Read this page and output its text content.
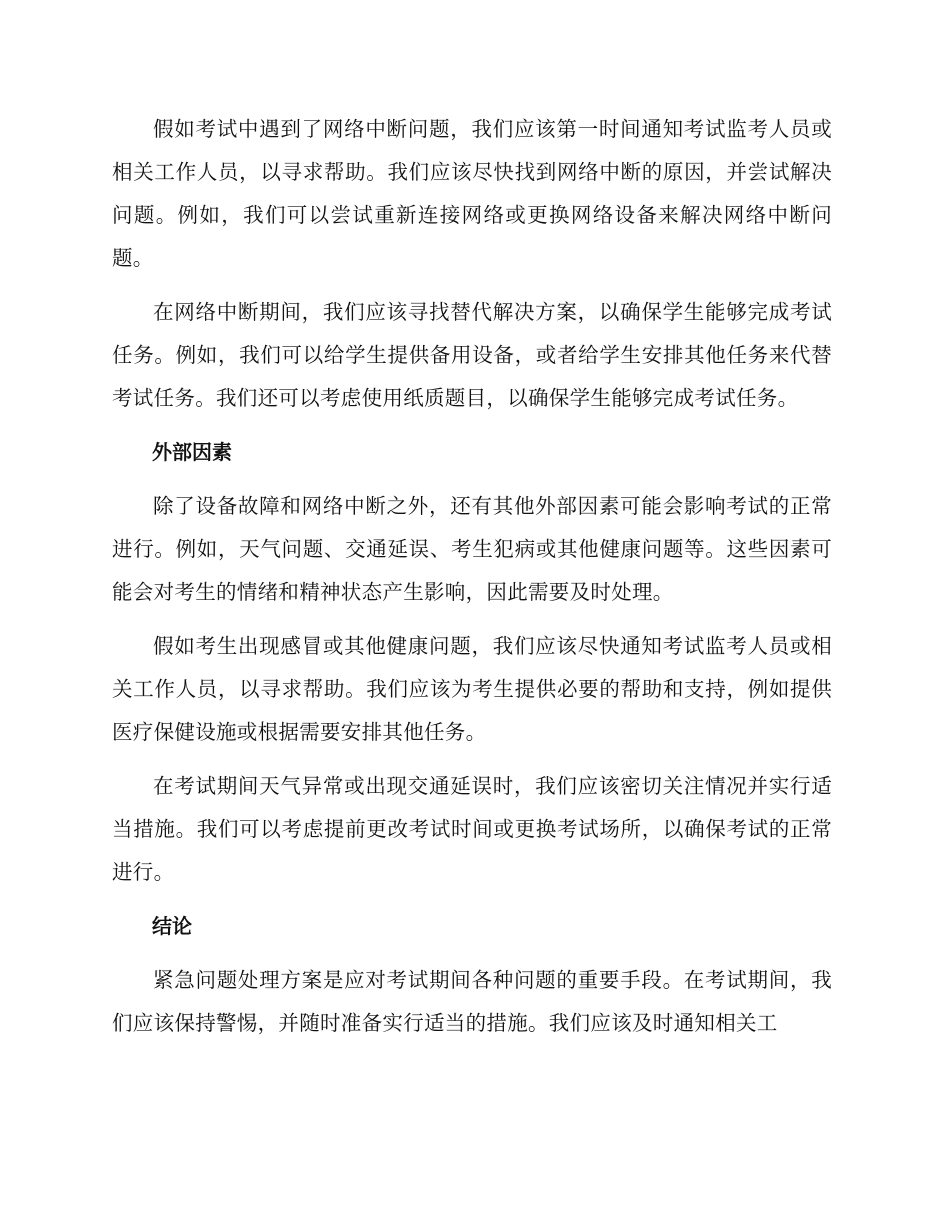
假如考试中遇到了网络中断问题，我们应该第一时间通知考试监考人员或相关工作人员，以寻求帮助。我们应该尽快找到网络中断的原因，并尝试解决问题。例如，我们可以尝试重新连接网络或更换网络设备来解决网络中断问题。

在网络中断期间，我们应该寻找替代解决方案，以确保学生能够完成考试任务。例如，我们可以给学生提供备用设备，或者给学生安排其他任务来代替考试任务。我们还可以考虑使用纸质题目，以确保学生能够完成考试任务。

外部因素

除了设备故障和网络中断之外，还有其他外部因素可能会影响考试的正常进行。例如，天气问题、交通延误、考生犯病或其他健康问题等。这些因素可能会对考生的情绪和精神状态产生影响，因此需要及时处理。

假如考生出现感冒或其他健康问题，我们应该尽快通知考试监考人员或相关工作人员，以寻求帮助。我们应该为考生提供必要的帮助和支持，例如提供医疗保健设施或根据需要安排其他任务。

在考试期间天气异常或出现交通延误时，我们应该密切关注情况并实行适当措施。我们可以考虑提前更改考试时间或更换考试场所，以确保考试的正常进行。

结论

紧急问题处理方案是应对考试期间各种问题的重要手段。在考试期间，我们应该保持警惕，并随时准备实行适当的措施。我们应该及时通知相关工
